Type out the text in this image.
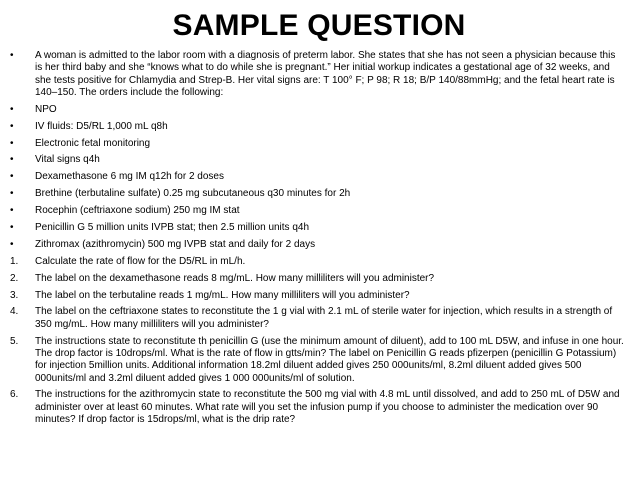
SAMPLE QUESTION
•	A woman is admitted to the labor room with a diagnosis of preterm labor. She states that she has not seen a physician because this is her third baby and she “knows what to do while she is pregnant.” Her initial workup indicates a gestational age of 32 weeks, and she tests positive for Chlamydia and Strep-B. Her vital signs are: T 100° F; P 98; R 18; B/P 140/88mmHg; and the fetal heart rate is 140–150. The orders include the following:
•	NPO
•	IV fluids: D5/RL 1,000 mL q8h
•	Electronic fetal monitoring
•	Vital signs q4h
•	Dexamethasone 6 mg IM q12h for 2 doses
•	Brethine (terbutaline sulfate) 0.25 mg subcutaneous q30 minutes for 2h
•	Rocephin (ceftriaxone sodium) 250 mg IM stat
•	Penicillin G 5 million units IVPB stat; then 2.5 million units q4h
•	Zithromax (azithromycin) 500 mg IVPB stat and daily for 2 days
1.	Calculate the rate of flow for the D5/RL in mL/h.
2.	The label on the dexamethasone reads 8 mg/mL. How many milliliters will you administer?
3.	The label on the terbutaline reads 1 mg/mL. How many milliliters will you administer?
4.	The label on the ceftriaxone states to reconstitute the 1 g vial with 2.1 mL of sterile water for injection, which results in a strength of 350 mg/mL. How many milliliters will you administer?
5.	The instructions state to reconstitute th penicillin G (use the minimum amount of diluent), add to 100 mL D5W, and infuse in one hour. The drop factor is 10drops/ml. What is the rate of flow in gtts/min? The label on Penicillin G reads pfizerpen (penicillin G Potassium) for injection 5million units. Additional information 18.2ml diluent added gives 250 000units/ml, 8.2ml diluent added gives 500 000units/ml and 3.2ml diluent added gives 1 000 000units/ml of solution.
6.	The instructions for the azithromycin state to reconstitute the 500 mg vial with 4.8 mL until dissolved, and add to 250 mL of D5W and administer over at least 60 minutes. What rate will you set the infusion pump if you choose to administer the medication over 90 minutes? If drop factor is 15drops/ml, what is the drip rate?
